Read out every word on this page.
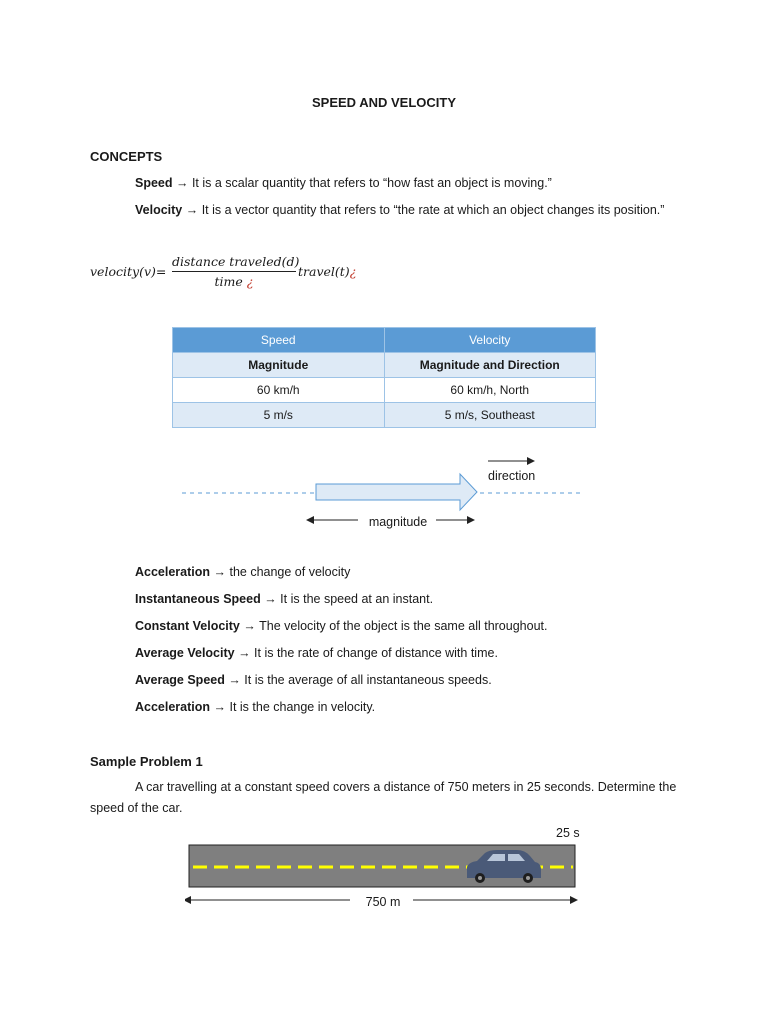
SPEED AND VELOCITY
CONCEPTS
Speed → It is a scalar quantity that refers to “how fast an object is moving.”
Velocity → It is a vector quantity that refers to “the rate at which an object changes its position.”
velocity(v)=
distance traveled(d)
time ¿
travel(t)¿
Speed	Velocity
Magnitude	Magnitude and Direction
60 km/h	60 km/h, North
5 m/s	5 m/s, Southeast
direction
magnitude
Acceleration → the change of velocity
Instantaneous Speed → It is the speed at an instant.
Constant Velocity → The velocity of the object is the same all throughout.
Average Velocity → It is the rate of change of distance with time.
Average Speed → It is the average of all instantaneous speeds.
Acceleration → It is the change in velocity.
Sample Problem 1
A car travelling at a constant speed covers a distance of 750 meters in 25 seconds. Determine the
speed of the car.
25 s
750 m
